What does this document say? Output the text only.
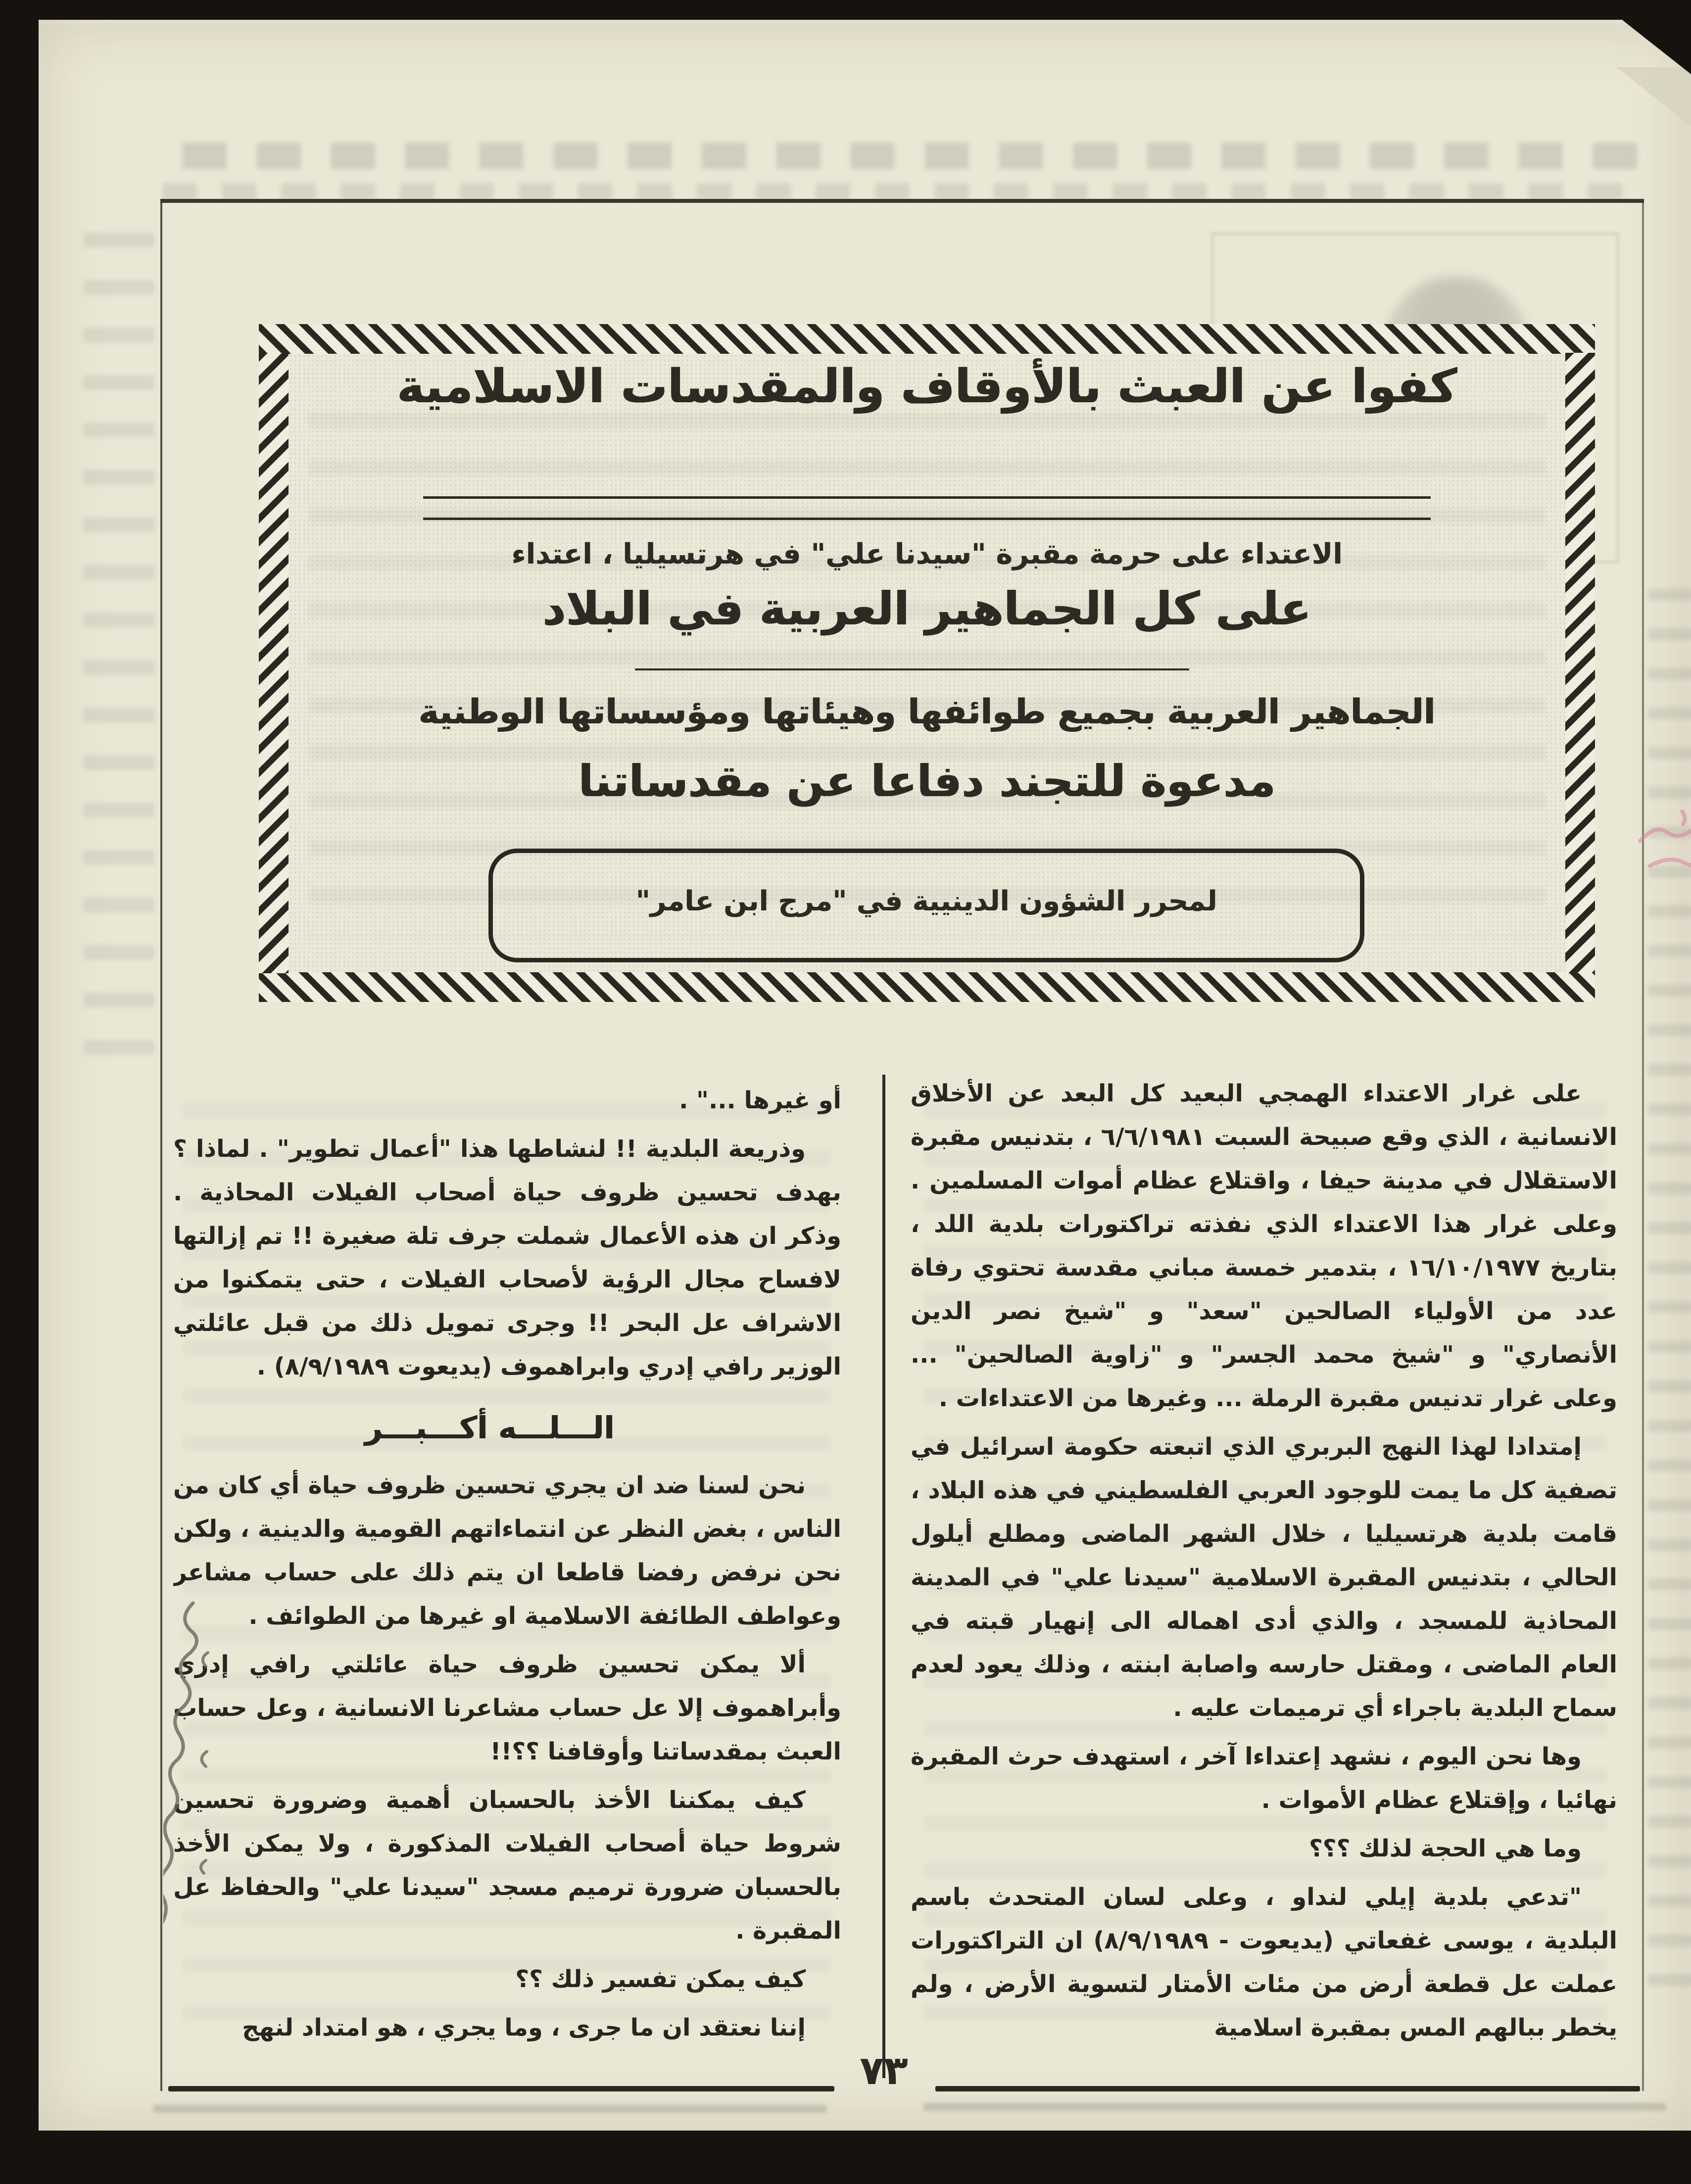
كفوا عن العبث بالأوقاف والمقدسات الاسلامية
الاعتداء على حرمة مقبرة "سيدنا علي" في هرتسيليا ، اعتداء
على كل الجماهير العربية في البلاد
الجماهير العربية بجميع طوائفها وهيئاتها ومؤسساتها الوطنية
مدعوة للتجند دفاعا عن مقدساتنا
لمحرر الشؤون الدينيية في "مرج ابن عامر"

على غرار الاعتداء الهمجي البعيد كل البعد عن الأخلاق الانسانية ، الذي وقع صبيحة السبت ٦/٦/١٩٨١ ، بتدنيس مقبرة الاستقلال في مدينة حيفا ، واقتلاع عظام أموات المسلمين . وعلى غرار هذا الاعتداء الذي نفذته تراكتورات بلدية اللد ، بتاريخ ١٦/١٠/١٩٧٧ ، بتدمير خمسة مباني مقدسة تحتوي رفاة عدد من الأولياء الصالحين "سعد" و "شيخ نصر الدين الأنصاري" و "شيخ محمد الجسر" و "زاوية الصالحين" ... وعلى غرار تدنيس مقبرة الرملة ... وغيرها من الاعتداءات .

إمتدادا لهذا النهج البربري الذي اتبعته حكومة اسرائيل في تصفية كل ما يمت للوجود العربي الفلسطيني في هذه البلاد ، قامت بلدية هرتسيليا ، خلال الشهر الماضى ومطلع أيلول الحالي ، بتدنيس المقبرة الاسلامية "سيدنا علي" في المدينة المحاذية للمسجد ، والذي أدى اهماله الى إنهيار قبته في العام الماضى ، ومقتل حارسه واصابة ابنته ، وذلك يعود لعدم سماح البلدية باجراء أي ترميمات عليه .

وها نحن اليوم ، نشهد إعتداءا آخر ، استهدف حرث المقبرة نهائيا ، وإقتلاع عظام الأموات .

وما هي الحجة لذلك ؟؟؟

"تدعي بلدية إيلي لنداو ، وعلى لسان المتحدث باسم البلدية ، يوسى غفعاتي (يديعوت - ٨/٩/١٩٨٩) ان التراكتورات عملت عل قطعة أرض من مئات الأمتار لتسوية الأرض ، ولم يخطر ببالهم المس بمقبرة اسلامية

أو غيرها ..." .

وذريعة البلدية !! لنشاطها هذا "أعمال تطوير" . لماذا ؟ بهدف تحسين ظروف حياة أصحاب الفيلات المحاذية . وذكر ان هذه الأعمال شملت جرف تلة صغيرة !! تم إزالتها لافساح مجال الرؤية لأصحاب الفيلات ، حتى يتمكنوا من الاشراف عل البحر !! وجرى تمويل ذلك من قبل عائلتي الوزير رافي إدري وابراهموف (يديعوت ٨/٩/١٩٨٩) .

الـــلـــه أكـــبـــر

نحن لسنا ضد ان يجري تحسين ظروف حياة أي كان من الناس ، بغض النظر عن انتماءاتهم القومية والدينية ، ولكن نحن نرفض رفضا قاطعا ان يتم ذلك على حساب مشاعر وعواطف الطائفة الاسلامية او غيرها من الطوائف .

ألا يمكن تحسين ظروف حياة عائلتي رافي إدري وأبراهموف إلا عل حساب مشاعرنا الانسانية ، وعل حساب العبث بمقدساتنا وأوقافنا ؟؟!!

كيف يمكننا الأخذ بالحسبان أهمية وضرورة تحسين شروط حياة أصحاب الفيلات المذكورة ، ولا يمكن الأخذ بالحسبان ضرورة ترميم مسجد "سيدنا علي" والحفاظ عل المقبرة .

كيف يمكن تفسير ذلك ؟؟

إننا نعتقد ان ما جرى ، وما يجري ، هو امتداد لنهج

٧٣
